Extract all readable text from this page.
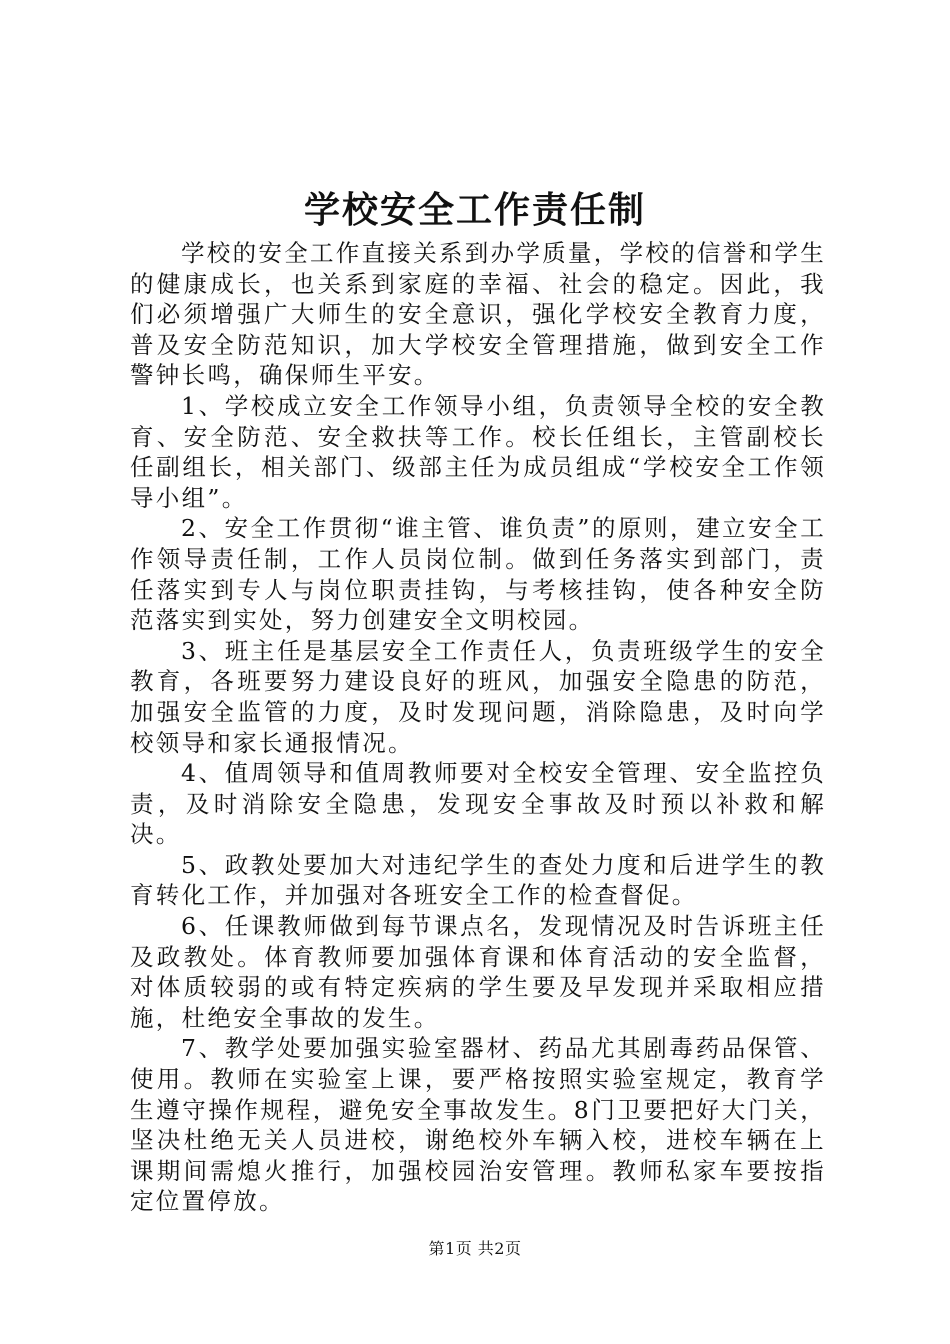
学校安全工作责任制

学校的安全工作直接关系到办学质量，学校的信誉和学生的健康成长，也关系到家庭的幸福、社会的稳定。因此，我们必须增强广大师生的安全意识，强化学校安全教育力度，普及安全防范知识，加大学校安全管理措施，做到安全工作警钟长鸣，确保师生平安。

1、学校成立安全工作领导小组，负责领导全校的安全教育、安全防范、安全救扶等工作。校长任组长，主管副校长任副组长，相关部门、级部主任为成员组成“学校安全工作领导小组”。

2、安全工作贯彻“谁主管、谁负责”的原则，建立安全工作领导责任制，工作人员岗位制。做到任务落实到部门，责任落实到专人与岗位职责挂钩，与考核挂钩，使各种安全防范落实到实处，努力创建安全文明校园。

3、班主任是基层安全工作责任人，负责班级学生的安全教育，各班要努力建设良好的班风，加强安全隐患的防范，加强安全监管的力度，及时发现问题，消除隐患，及时向学校领导和家长通报情况。

4、值周领导和值周教师要对全校安全管理、安全监控负责，及时消除安全隐患，发现安全事故及时预以补救和解决。

5、政教处要加大对违纪学生的查处力度和后进学生的教育转化工作，并加强对各班安全工作的检查督促。

6、任课教师做到每节课点名，发现情况及时告诉班主任及政教处。体育教师要加强体育课和体育活动的安全监督，对体质较弱的或有特定疾病的学生要及早发现并采取相应措施，杜绝安全事故的发生。

7、教学处要加强实验室器材、药品尤其剧毒药品保管、使用。教师在实验室上课，要严格按照实验室规定，教育学生遵守操作规程，避免安全事故发生。8门卫要把好大门关，坚决杜绝无关人员进校，谢绝校外车辆入校，进校车辆在上课期间需熄火推行，加强校园治安管理。教师私家车要按指定位置停放。

第1页 共2页
